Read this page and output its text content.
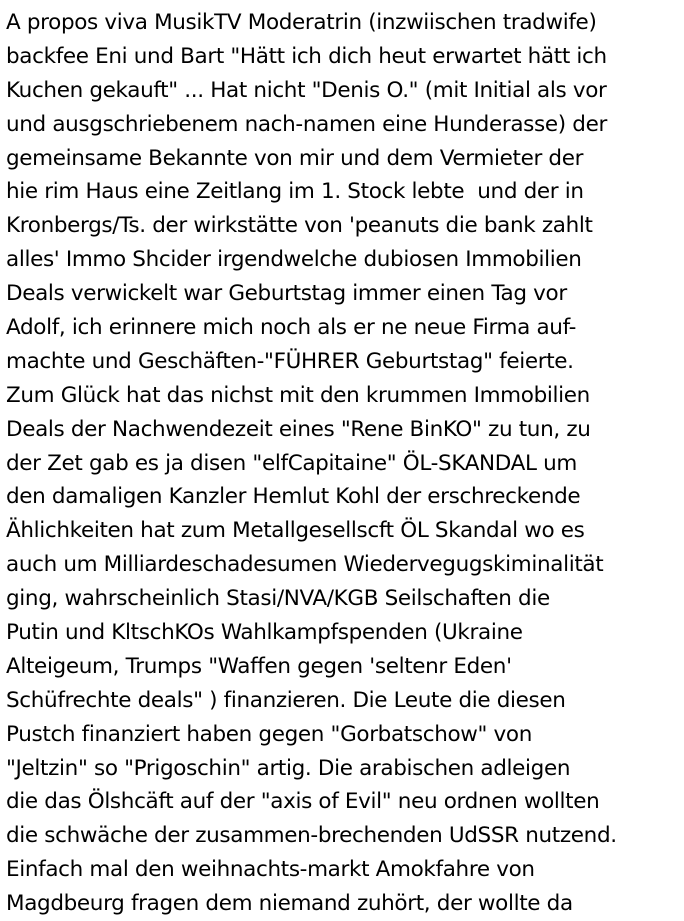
A propos viva MusikTV Moderatrin (inzwiischen tradwife)

backfee Eni und Bart "Hätt ich dich heut erwartet hätt ich

Kuchen gekauft" ... Hat nicht "Denis O." (mit Initial als vor

und ausgschriebenem nach-namen eine Hunderasse) der

gemeinsame Bekannte von mir und dem Vermieter der

hie rim Haus eine Zeitlang im 1. Stock lebte  und der in

Kronbergs/Ts. der wirkstätte von 'peanuts die bank zahlt

alles' Immo Shcider irgendwelche dubiosen Immobilien

Deals verwickelt war Geburtstag immer einen Tag vor

Adolf, ich erinnere mich noch als er ne neue Firma auf-

machte und Geschäften-"FÜHRER Geburtstag" feierte.

Zum Glück hat das nichst mit den krummen Immobilien

Deals der Nachwendezeit eines "Rene BinKO" zu tun, zu

der Zet gab es ja disen "elfCapitaine" ÖL-SKANDAL um

den damaligen Kanzler Hemlut Kohl der erschreckende

Ählichkeiten hat zum Metallgesellscft ÖL Skandal wo es

auch um Milliardeschadesumen Wiedervegugskiminalität

ging, wahrscheinlich Stasi/NVA/KGB Seilschaften die

Putin und KltschKOs Wahlkampfspenden (Ukraine

Alteigeum, Trumps "Waffen gegen 'seltenr Eden'

Schüfrechte deals" ) finanzieren. Die Leute die diesen

Pustch finanziert haben gegen "Gorbatschow" von

"Jeltzin" so "Prigoschin" artig. Die arabischen adleigen

die das Ölshcäft auf der "axis of Evil" neu ordnen wollten

die schwäche der zusammen-brechenden UdSSR nutzend.

Einfach mal den weihnachts-markt Amokfahre von

Magdbeurg fragen dem niemand zuhört, der wollte da
